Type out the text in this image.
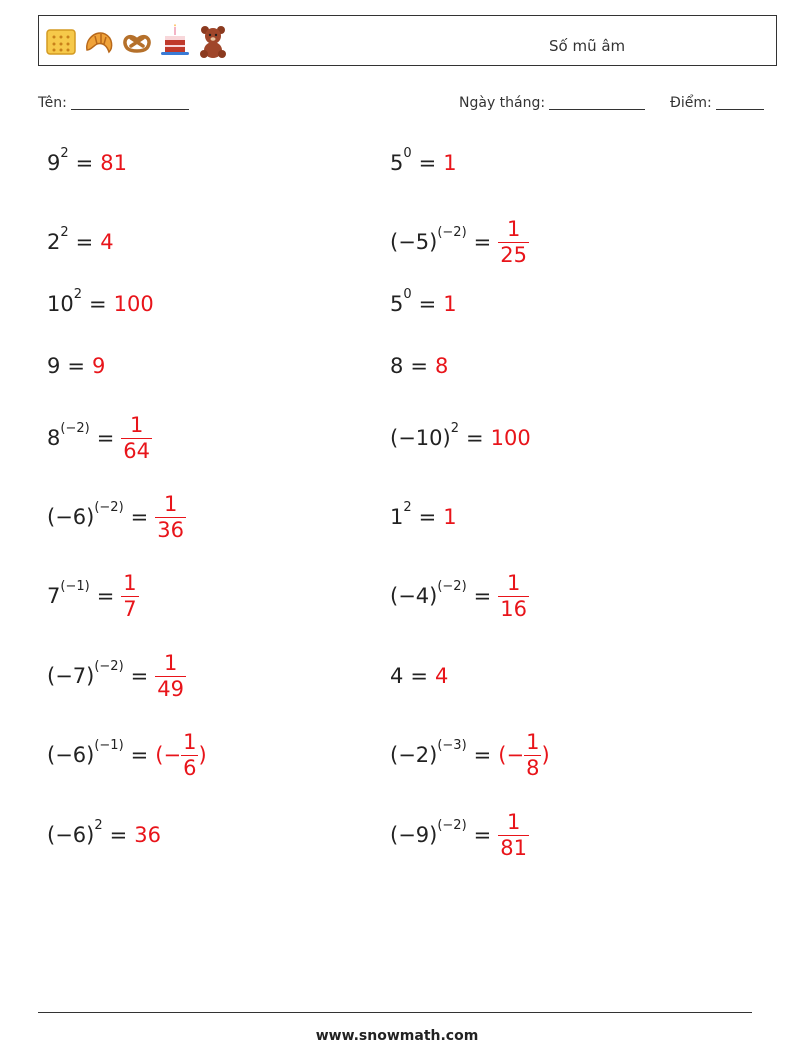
Số mũ âm
Tên:	Ngày tháng:	Điểm:
$9^2 = 81$
$2^2 = 4$
$10^2 = 100$
9 = 9
$8^{(-2)} = \frac{1}{64}$
$(-6)^{(-2)} = \frac{1}{36}$
$7^{(-1)} = \frac{1}{7}$
$(-7)^{(-2)} = \frac{1}{49}$
$(-6)^{(-1)}$ = (− $\frac{1}{6}$ )
$(-6)^2 = 36$
$5^0 = 1$
$(-5)^{(-2)} = \frac{1}{25}$
$5^0 = 1$
8 = 8
$(-10)^2 = 100$
$1^2 = 1$
$(-4)^{(-2)} = \frac{1}{16}$
4 = 4
$(-2)^{(-3)}$ = (− $\frac{1}{8}$ )
$(-9)^{(-2)} = \frac{1}{81}$
www.snowmath.com
